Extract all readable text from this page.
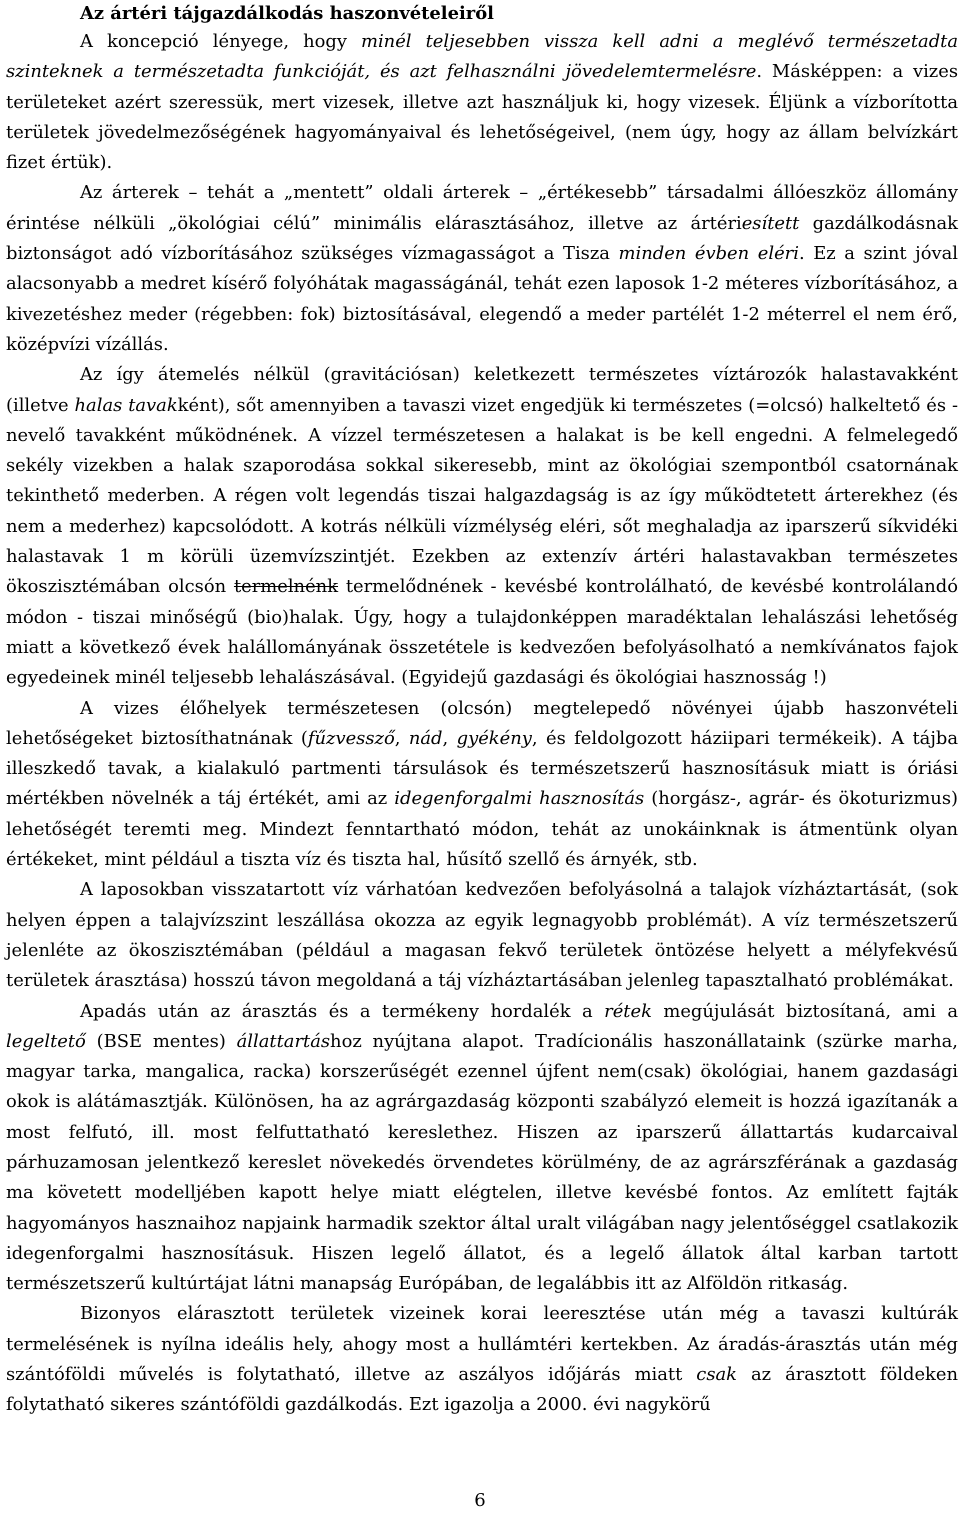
Az ártéri tájgazdálkodás haszonvételeiről

A koncepció lényege, hogy minél teljesebben vissza kell adni a meglévő természetadta szinteknek a természetadta funkcióját, és azt felhasználni jövedelemtermelésre. Másképpen: a vizes területeket azért szeressük, mert vizesek, illetve azt használjuk ki, hogy vizesek. Éljünk a vízborította területek jövedelmezőségének hagyományaival és lehetőségeivel, (nem úgy, hogy az állam belvízkárt fizet értük).

Az árterek – tehát a „mentett” oldali árterek – „értékesebb” társadalmi állóeszköz állomány érintése nélküli „ökológiai célú” minimális elárasztásához, illetve az ártériesített gazdálkodásnak biztonságot adó vízborításához szükséges vízmagasságot a Tisza minden évben eléri. Ez a szint jóval alacsonyabb a medret kísérő folyóhátak magasságánál, tehát ezen laposok 1-2 méteres vízborításához, a kivezetéshez meder (régebben: fok) biztosításával, elegendő a meder partélét 1-2 méterrel el nem érő, középvízi vízállás.

Az így átemelés nélkül (gravitációsan) keletkezett természetes víztározók halastavakként (illetve halas tavakként), sőt amennyiben a tavaszi vizet engedjük ki természetes (=olcsó) halkeltető és -nevelő tavakként működnének. A vízzel természetesen a halakat is be kell engedni. A felmelegedő sekély vizekben a halak szaporodása sokkal sikeresebb, mint az ökológiai szempontból csatornának tekinthető mederben. A régen volt legendás tiszai halgazdagság is az így működtetett árterekhez (és nem a mederhez) kapcsolódott. A kotrás nélküli vízmélység eléri, sőt meghaladja az iparszerű síkvidéki halastavak 1 m körüli üzemvízszintjét. Ezekben az extenzív ártéri halastavakban természetes ökoszisztémában olcsón termelnénk termelődnének - kevésbé kontrolálható, de kevésbé kontrolálandó módon - tiszai minőségű (bio)halak. Úgy, hogy a tulajdonképpen maradéktalan lehalászási lehetőség miatt a következő évek halállományának összetétele is kedvezően befolyásolható a nemkívánatos fajok egyedeinek minél teljesebb lehalászásával. (Egyidejű gazdasági és ökológiai hasznosság !)

A vizes élőhelyek természetesen (olcsón) megtelepedő növényei újabb haszonvételi lehetőségeket biztosíthatnának (fűzvessző, nád, gyékény, és feldolgozott háziipari termékeik). A tájba illeszkedő tavak, a kialakuló partmenti társulások és természetszerű hasznosításuk miatt is óriási mértékben növelnék a táj értékét, ami az idegenforgalmi hasznosítás (horgász-, agrár- és ökoturizmus) lehetőségét teremti meg. Mindezt fenntartható módon, tehát az unokáinknak is átmentünk olyan értékeket, mint például a tiszta víz és tiszta hal, hűsítő szellő és árnyék, stb.

A laposokban visszatartott víz várhatóan kedvezően befolyásolná a talajok vízháztartását, (sok helyen éppen a talajvízszint leszállása okozza az egyik legnagyobb problémát). A víz természetszerű jelenléte az ökoszisztémában (például a magasan fekvő területek öntözése helyett a mélyfekvésű területek árasztása) hosszú távon megoldaná a táj vízháztartásában jelenleg tapasztalható problémákat.

Apadás után az árasztás és a termékeny hordalék a rétek megújulását biztosítaná, ami a legeltető (BSE mentes) állattartáshoz nyújtana alapot. Tradícionális haszonállataink (szürke marha, magyar tarka, mangalica, racka) korszerűségét ezennel újfent nem(csak) ökológiai, hanem gazdasági okok is alátámasztják. Különösen, ha az agrárgazdaság központi szabályzó elemeit is hozzá igazítanák a most felfutó, ill. most felfuttatható kereslethez. Hiszen az iparszerű állattartás kudarcaival párhuzamosan jelentkező kereslet növekedés örvendetes körülmény, de az agrárszférának a gazdaság ma követett modelljében kapott helye miatt elégtelen, illetve kevésbé fontos. Az említett fajták hagyományos hasznaihoz napjaink harmadik szektor által uralt világában nagy jelentőséggel csatlakozik idegenforgalmi hasznosításuk. Hiszen legelő állatot, és a legelő állatok által karban tartott természetszerű kultúrtájat látni manapság Európában, de legalábbis itt az Alföldön ritkaság.

Bizonyos elárasztott területek vizeinek korai leeresztése után még a tavaszi kultúrák termelésének is nyílna ideális hely, ahogy most a hullámtéri kertekben. Az áradás-árasztás után még szántóföldi művelés is folytatható, illetve az aszályos időjárás miatt csak az árasztott földeken folytatható sikeres szántóföldi gazdálkodás. Ezt igazolja a 2000. évi nagykörű

6
